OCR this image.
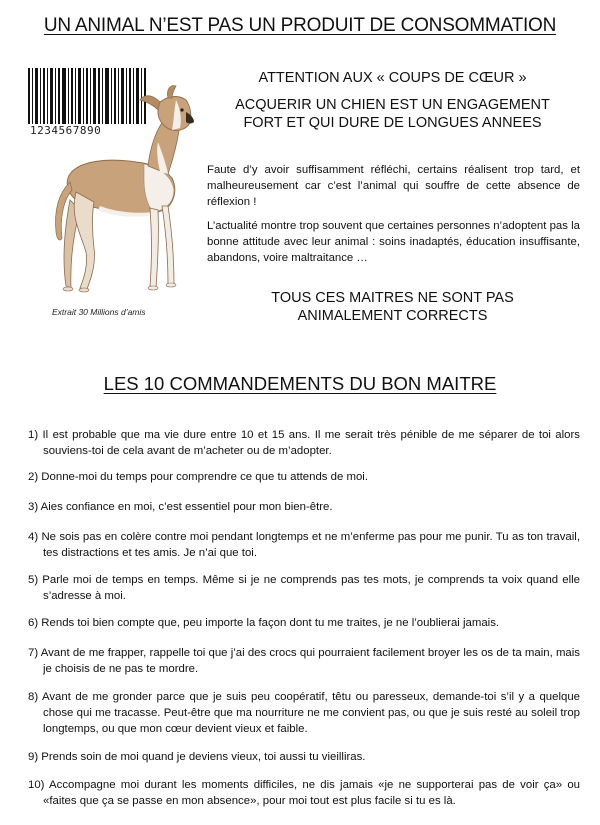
UN ANIMAL N’EST PAS UN PRODUIT DE CONSOMMATION
1234567890
Extrait 30 Millions d’amis
ATTENTION AUX « COUPS DE CŒUR »
ACQUERIR UN CHIEN EST UN ENGAGEMENT
FORT ET QUI DURE DE LONGUES ANNEES

Faute d’y avoir suffisamment réfléchi, certains réalisent trop tard, et malheureusement car c’est l’animal qui souffre de cette absence de réflexion !

L’actualité montre trop souvent que certaines personnes n’adoptent pas la bonne attitude avec leur animal : soins inadaptés, éducation insuffisante, abandons, voire maltraitance …

TOUS CES MAITRES NE SONT PAS
ANIMALEMENT CORRECTS
LES 10 COMMANDEMENTS DU BON MAITRE
1) Il est probable que ma vie dure entre 10 et 15 ans. Il me serait très pénible de me séparer de toi alors souviens-toi de cela avant de m’acheter ou de m’adopter.
2) Donne-moi du temps pour comprendre ce que tu attends de moi.
3) Aies confiance en moi, c’est essentiel pour mon bien-être.
4) Ne sois pas en colère contre moi pendant longtemps et ne m’enferme pas pour me punir. Tu as ton travail, tes distractions et tes amis. Je n’ai que toi.
5) Parle moi de temps en temps. Même si je ne comprends pas tes mots, je comprends ta voix quand elle s’adresse à moi.
6) Rends toi bien compte que, peu importe la façon dont tu me traites, je ne l’oublierai jamais.
7) Avant de me frapper, rappelle toi que j’ai des crocs qui pourraient facilement broyer les os de ta main, mais je choisis de ne pas te mordre.
8) Avant de me gronder parce que je suis peu coopératif, têtu ou paresseux, demande-toi s’il y a quelque chose qui me tracasse. Peut-être que ma nourriture ne me convient pas, ou que je suis resté au soleil trop longtemps, ou que mon cœur devient vieux et faible.
9) Prends soin de moi quand je deviens vieux, toi aussi tu vieilliras.
10) Accompagne moi durant les moments difficiles, ne dis jamais «je ne supporterai pas de voir ça» ou «faites que ça se passe en mon absence», pour moi tout est plus facile si tu es là.
